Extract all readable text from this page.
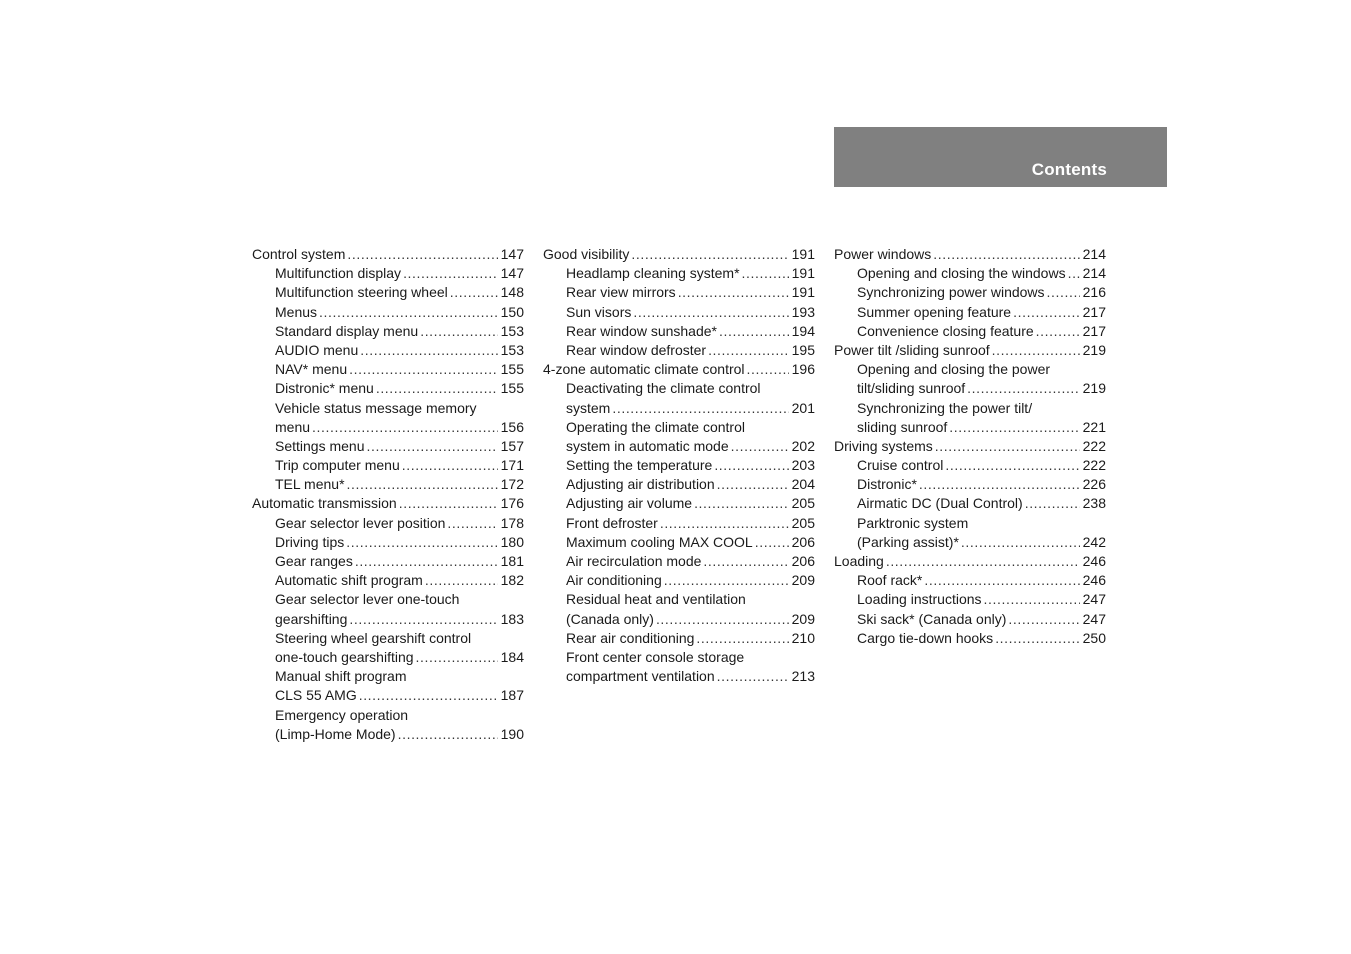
Contents
Control system .....	147
Multifunction display .....	147
Multifunction steering wheel .....	148
Menus .....	150
Standard display menu .....	153
AUDIO menu .....	153
NAV* menu .....	155
Distronic* menu .....	155
Vehicle status message memory
menu .....	156
Settings menu .....	157
Trip computer menu .....	171
TEL menu* .....	172
Automatic transmission .....	176
Gear selector lever position .....	178
Driving tips .....	180
Gear ranges .....	181
Automatic shift program .....	182
Gear selector lever one-touch
gearshifting .....	183
Steering wheel gearshift control
one-touch gearshifting .....	184
Manual shift program
CLS 55 AMG .....	187
Emergency operation
(Limp-Home Mode) .....	190
Good visibility .....	191
Headlamp cleaning system* .....	191
Rear view mirrors .....	191
Sun visors .....	193
Rear window sunshade* .....	194
Rear window defroster .....	195
4-zone automatic climate control .....	196
Deactivating the climate control
system .....	201
Operating the climate control
system in automatic mode .....	202
Setting the temperature .....	203
Adjusting air distribution .....	204
Adjusting air volume .....	205
Front defroster .....	205
Maximum cooling MAX COOL .....	206
Air recirculation mode .....	206
Air conditioning .....	209
Residual heat and ventilation
(Canada only) .....	209
Rear air conditioning .....	210
Front center console storage
compartment ventilation .....	213
Power windows .....	214
Opening and closing the windows ..... 214
Synchronizing power windows .....	216
Summer opening feature .....	217
Convenience closing feature .....	217
Power tilt /sliding sunroof .....	219
Opening and closing the power
tilt/sliding sunroof .....	219
Synchronizing the power tilt/
sliding sunroof .....	221
Driving systems .....	222
Cruise control .....	222
Distronic* .....	226
Airmatic DC (Dual Control) .....	238
Parktronic system
(Parking assist)* .....	242
Loading .....	246
Roof rack* .....	246
Loading instructions .....	247
Ski sack* (Canada only) .....	247
Cargo tie-down hooks .....	250
